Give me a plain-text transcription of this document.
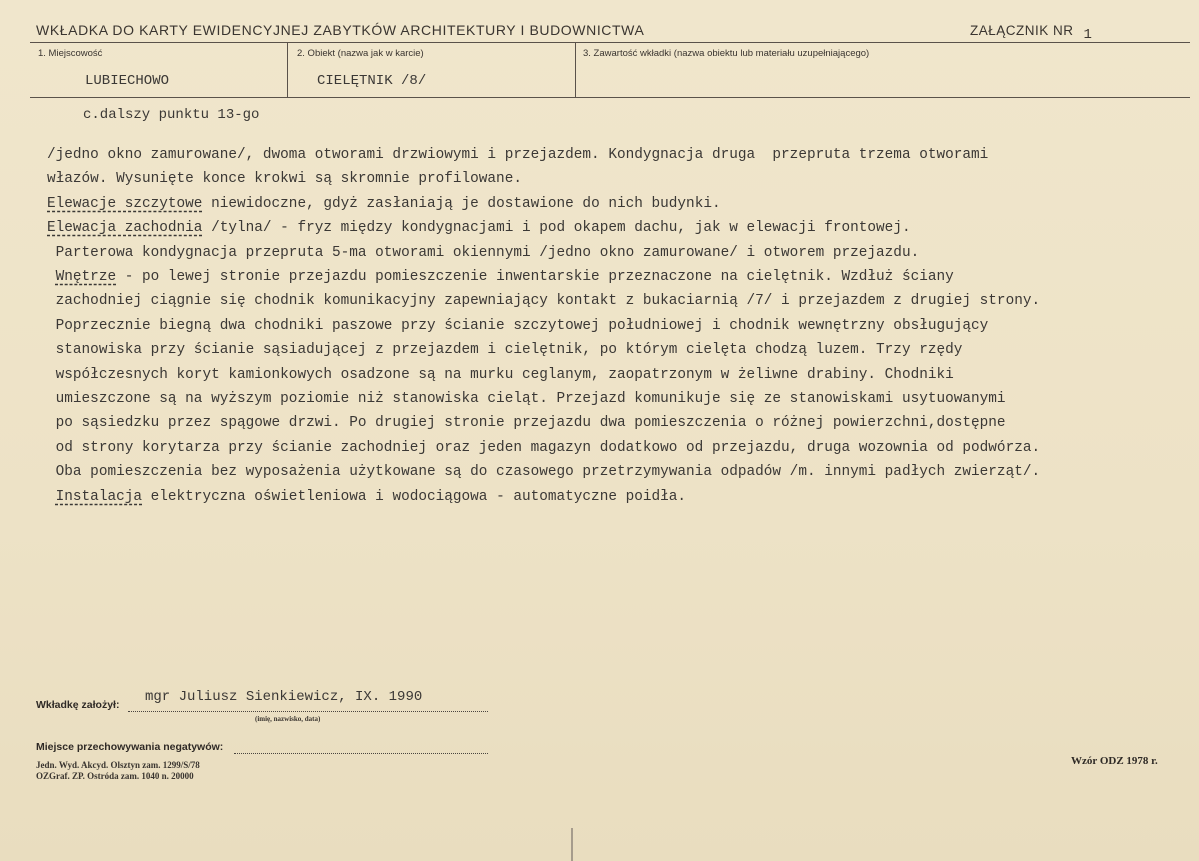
WKŁADKA DO KARTY EWIDENCYJNEJ ZABYTKÓW ARCHITEKTURY I BUDOWNICTWA	ZAŁĄCZNIK NR 1
1. Miejscowość
LUBIECHOWO
2. Obiekt (nazwa jak w karcie)
CIELĘTNIK /8/
3. Zawartość wkładki (nazwa obiektu lub materiału uzupełniającego)
c.dalszy punktu 13-go
/jedno okno zamurowane/, dwoma otworami drzwiowymi i przejazdem. Kondygnacja druga  przepruta trzema otworami
włazów. Wysunięte konce krokwi są skromnie profilowane.
Elewacje szczytowe niewidoczne, gdyż zasłaniają je dostawione do nich budynki.
Elewacja zachodnia /tylna/ - fryz między kondygnacjami i pod okapem dachu, jak w elewacji frontowej.
Parterowa kondygnacja przepruta 5-ma otworami okiennymi /jedno okno zamurowane/ i otworem przejazdu.
Wnętrze - po lewej stronie przejazdu pomieszczenie inwentarskie przeznaczone na cielętnik. Wzdłuż ściany
zachodniej ciągnie się chodnik komunikacyjny zapewniający kontakt z bukaciarnią /7/ i przejazdem z drugiej strony.
Poprzecznie biegną dwa chodniki paszowe przy ścianie szczytowej południowej i chodnik wewnętrzny obsługujący
stanowiska przy ścianie sąsiadującej z przejazdem i cielętnik, po którym cielęta chodzą luzem. Trzy rzędy
współczesnych koryt kamionkowych osadzone są na murku ceglanym, zaopatrzonym w żeliwne drabiny. Chodniki
umieszczone są na wyższym poziomie niż stanowiska cieląt. Przejazd komunikuje się ze stanowiskami usytuowanymi
po sąsiedzku przez spągowe drzwi. Po drugiej stronie przejazdu dwa pomieszczenia o różnej powierzchni,dostępne
od strony korytarza przy ścianie zachodniej oraz jeden magazyn dodatkowo od przejazdu, druga wozownia od podwórza.
Oba pomieszczenia bez wyposażenia użytkowane są do czasowego przetrzymywania odpadów /m. innymi padłych zwierząt/.
Instalacja elektryczna oświetleniowa i wodociągowa - automatyczne poidła.
Wkładkę założył: mgr Juliusz Sienkiewicz, IX. 1990
(imię, nazwisko, data)
Miejsce przechowywania negatywów:
Jedn. Wyd. Akcyd. Olsztyn zam. 1299/S/78
OZGraf. ZP. Ostróda zam. 1040 n. 20000
Wzór ODZ 1978 r.
